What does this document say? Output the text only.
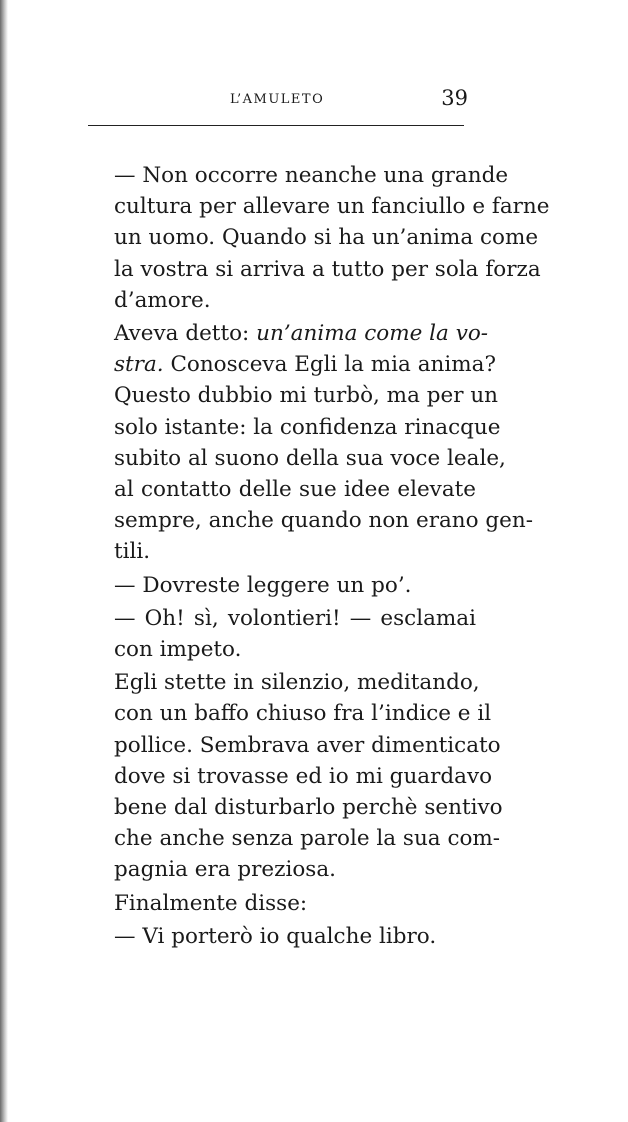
L’AMULETO	39

— Non occorre neanche una grande
cultura per allevare un fanciullo e farne
un uomo. Quando si ha un’anima come
la vostra si arriva a tutto per sola forza
d’amore.

Aveva detto: un’anima come la vo-
stra. Conosceva Egli la mia anima?
Questo dubbio mi turbò, ma per un
solo istante: la confidenza rinacque
subito al suono della sua voce leale,
al contatto delle sue idee elevate
sempre, anche quando non erano gen-
tili.

— Dovreste leggere un po’.

— Oh! sì, volontieri! — esclamai
con impeto.

Egli stette in silenzio, meditando,
con un baffo chiuso fra l’indice e il
pollice. Sembrava aver dimenticato
dove si trovasse ed io mi guardavo
bene dal disturbarlo perchè sentivo
che anche senza parole la sua com-
pagnia era preziosa.

Finalmente disse:

— Vi porterò io qualche libro.
